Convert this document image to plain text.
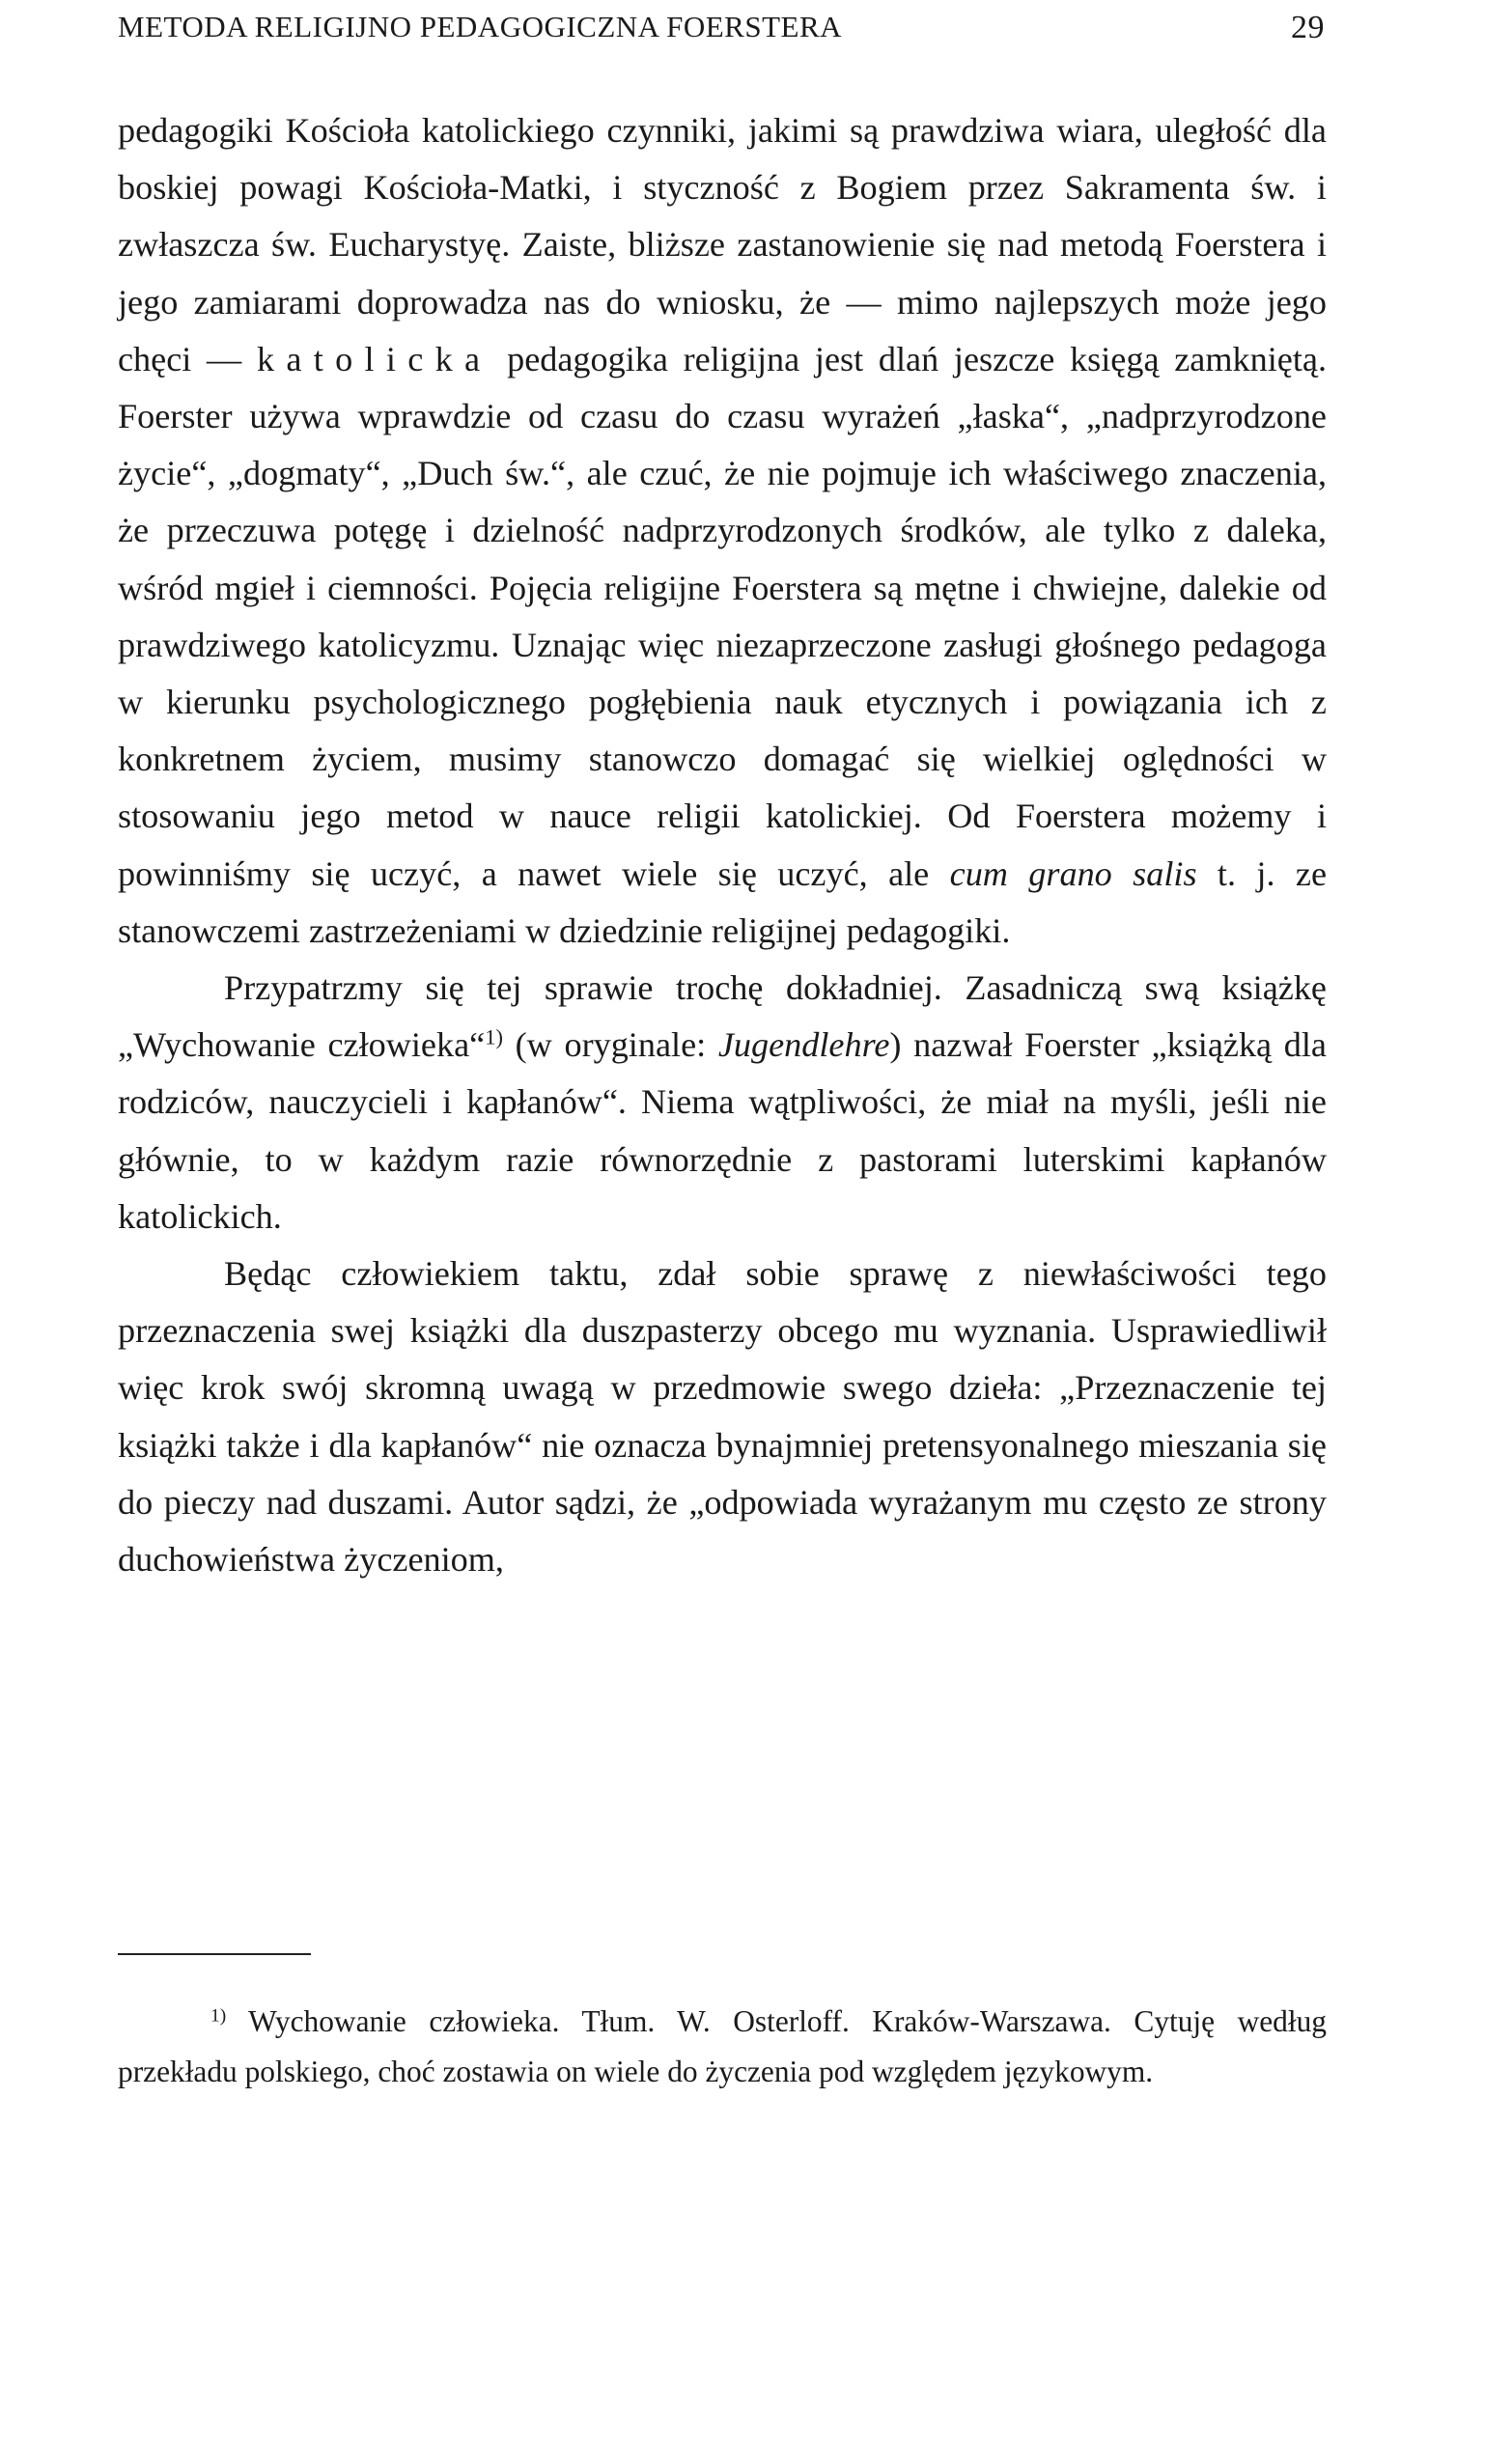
METODA RELIGIJNO PEDAGOGICZNA FOERSTERA	29

pedagogiki Kościoła katolickiego czynniki, jakimi są prawdziwa wiara, uległość dla boskiej powagi Kościoła-Matki, i styczność z Bogiem przez Sakramenta św. i zwłaszcza św. Eucharystyę. Zaiste, bliższe zastanowienie się nad metodą Foerstera i jego zamiarami doprowadza nas do wniosku, że — mimo najlepszych może jego chęci — katolicka pedagogika religijna jest dlań jeszcze księgą zamkniętą. Foerster używa wprawdzie od czasu do czasu wyrażeń „łaska“, „nadprzyrodzone życie“, „dogmaty“, „Duch św.“, ale czuć, że nie pojmuje ich właściwego znaczenia, że przeczuwa potęgę i dzielność nadprzyrodzonych środków, ale tylko z daleka, wśród mgieł i ciemności. Pojęcia religijne Foerstera są mętne i chwiejne, dalekie od prawdziwego katolicyzmu. Uznając więc niezaprzeczone zasługi głośnego pedagoga w kierunku psychologicznego pogłębienia nauk etycznych i powiązania ich z konkretnem życiem, musimy stanowczo domagać się wielkiej oględności w stosowaniu jego metod w nauce religii katolickiej. Od Foerstera możemy i powinniśmy się uczyć, a nawet wiele się uczyć, ale cum grano salis t. j. ze stanowczemi zastrzeżeniami w dziedzinie religijnej pedagogiki.

Przypatrzmy się tej sprawie trochę dokładniej. Zasadniczą swą książkę „Wychowanie człowieka“$^{1)}$ (w oryginale: Jugendlehre) nazwał Foerster „książką dla rodziców, nauczycieli i kapłanów“. Niema wątpliwości, że miał na myśli, jeśli nie głównie, to w każdym razie równorzędnie z pastorami luterskimi kapłanów katolickich.

Będąc człowiekiem taktu, zdał sobie sprawę z niewłaściwości tego przeznaczenia swej książki dla duszpasterzy obcego mu wyznania. Usprawiedliwił więc krok swój skromną uwagą w przedmowie swego dzieła: „Przeznaczenie tej książki także i dla kapłanów“ nie oznacza bynajmniej pretensyonalnego mieszania się do pieczy nad duszami. Autor sądzi, że „odpowiada wyrażanym mu często ze strony duchowieństwa życzeniom,

$^{1)}$ Wychowanie człowieka. Tłum. W. Osterloff. Kraków-Warszawa. Cytuję według przekładu polskiego, choć zostawia on wiele do życzenia pod względem językowym.
